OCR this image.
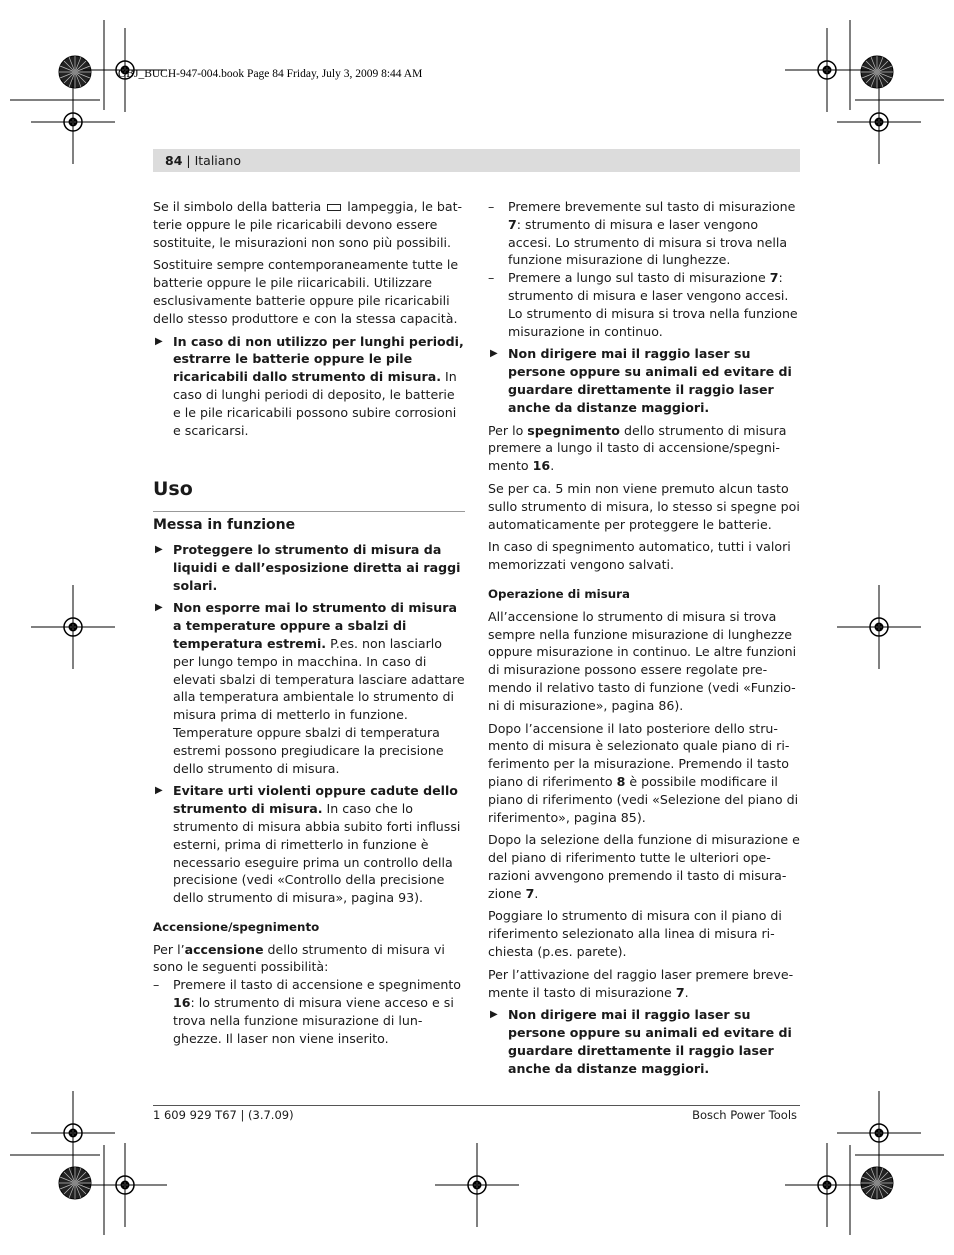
OBJ_BUCH-947-004.book Page 84 Friday, July 3, 2009 8:44 AM
84 | Italiano

Se il simbolo della batteria  lampeggia, le batterie oppure le pile ricaricabili devono essere sostituite, le misurazioni non sono più possibili.

Sostituire sempre contemporaneamente tutte le batterie oppure le pile riicaricabili. Utilizzare esclusivamente batterie oppure pile ricaricabili dello stesso produttore e con la stessa capacità.

▶ In caso di non utilizzo per lunghi periodi, estrarre le batterie oppure le pile ricaricabili dallo strumento di misura. In caso di lunghi periodi di deposito, le batterie e le pile ricaricabili possono subire corrosioni e scaricarsi.
Uso
Messa in funzione
▶ Proteggere lo strumento di misura da liquidi e dall’esposizione diretta ai raggi solari.
▶ Non esporre mai lo strumento di misura a temperature oppure a sbalzi di temperatura estremi. P.es. non lasciarlo per lungo tempo in macchina. In caso di elevati sbalzi di temperatura lasciare adattare alla temperatura ambientale lo strumento di misura prima di metterlo in funzione. Temperature oppure sbalzi di temperatura estremi possono pregiudicare la precisione dello strumento di misura.
▶ Evitare urti violenti oppure cadute dello strumento di misura. In caso che lo strumento di misura abbia subito forti influssi esterni, prima di rimetterlo in funzione è necessario eseguire prima un controllo della precisione (vedi «Controllo della precisione dello strumento di misura», pagina 93).
Accensione/spegnimento

Per l’accensione dello strumento di misura vi sono le seguenti possibilità:

– Premere il tasto di accensione e spegnimento 16: lo strumento di misura viene acceso e si trova nella funzione misurazione di lunghezze. Il laser non viene inserito.
– Premere brevemente sul tasto di misurazione 7: strumento di misura e laser vengono accesi. Lo strumento di misura si trova nella funzione misurazione di lunghezze.
– Premere a lungo sul tasto di misurazione 7: strumento di misura e laser vengono accesi. Lo strumento di misura si trova nella funzione misurazione in continuo.
▶ Non dirigere mai il raggio laser su persone oppure su animali ed evitare di guardare direttamente il raggio laser anche da distanze maggiori.

Per lo spegnimento dello strumento di misura premere a lungo il tasto di accensione/spegnimento 16.

Se per ca. 5 min non viene premuto alcun tasto sullo strumento di misura, lo stesso si spegne poi automaticamente per proteggere le batterie.

In caso di spegnimento automatico, tutti i valori memorizzati vengono salvati.

Operazione di misura

All’accensione lo strumento di misura si trova sempre nella funzione misurazione di lunghezze oppure misurazione in continuo. Le altre funzioni di misurazione possono essere regolate premendo il relativo tasto di funzione (vedi «Funzioni di misurazione», pagina 86).

Dopo l’accensione il lato posteriore dello strumento di misura è selezionato quale piano di riferimento per la misurazione. Premendo il tasto piano di riferimento 8 è possibile modificare il piano di riferimento (vedi «Selezione del piano di riferimento», pagina 85).

Dopo la selezione della funzione di misurazione e del piano di riferimento tutte le ulteriori operazioni avvengono premendo il tasto di misurazione 7.

Poggiare lo strumento di misura con il piano di riferimento selezionato alla linea di misura richiesta (p.es. parete).

Per l’attivazione del raggio laser premere brevemente il tasto di misurazione 7.

▶ Non dirigere mai il raggio laser su persone oppure su animali ed evitare di guardare direttamente il raggio laser anche da distanze maggiori.
1 609 929 T67 | (3.7.09)	Bosch Power Tools
